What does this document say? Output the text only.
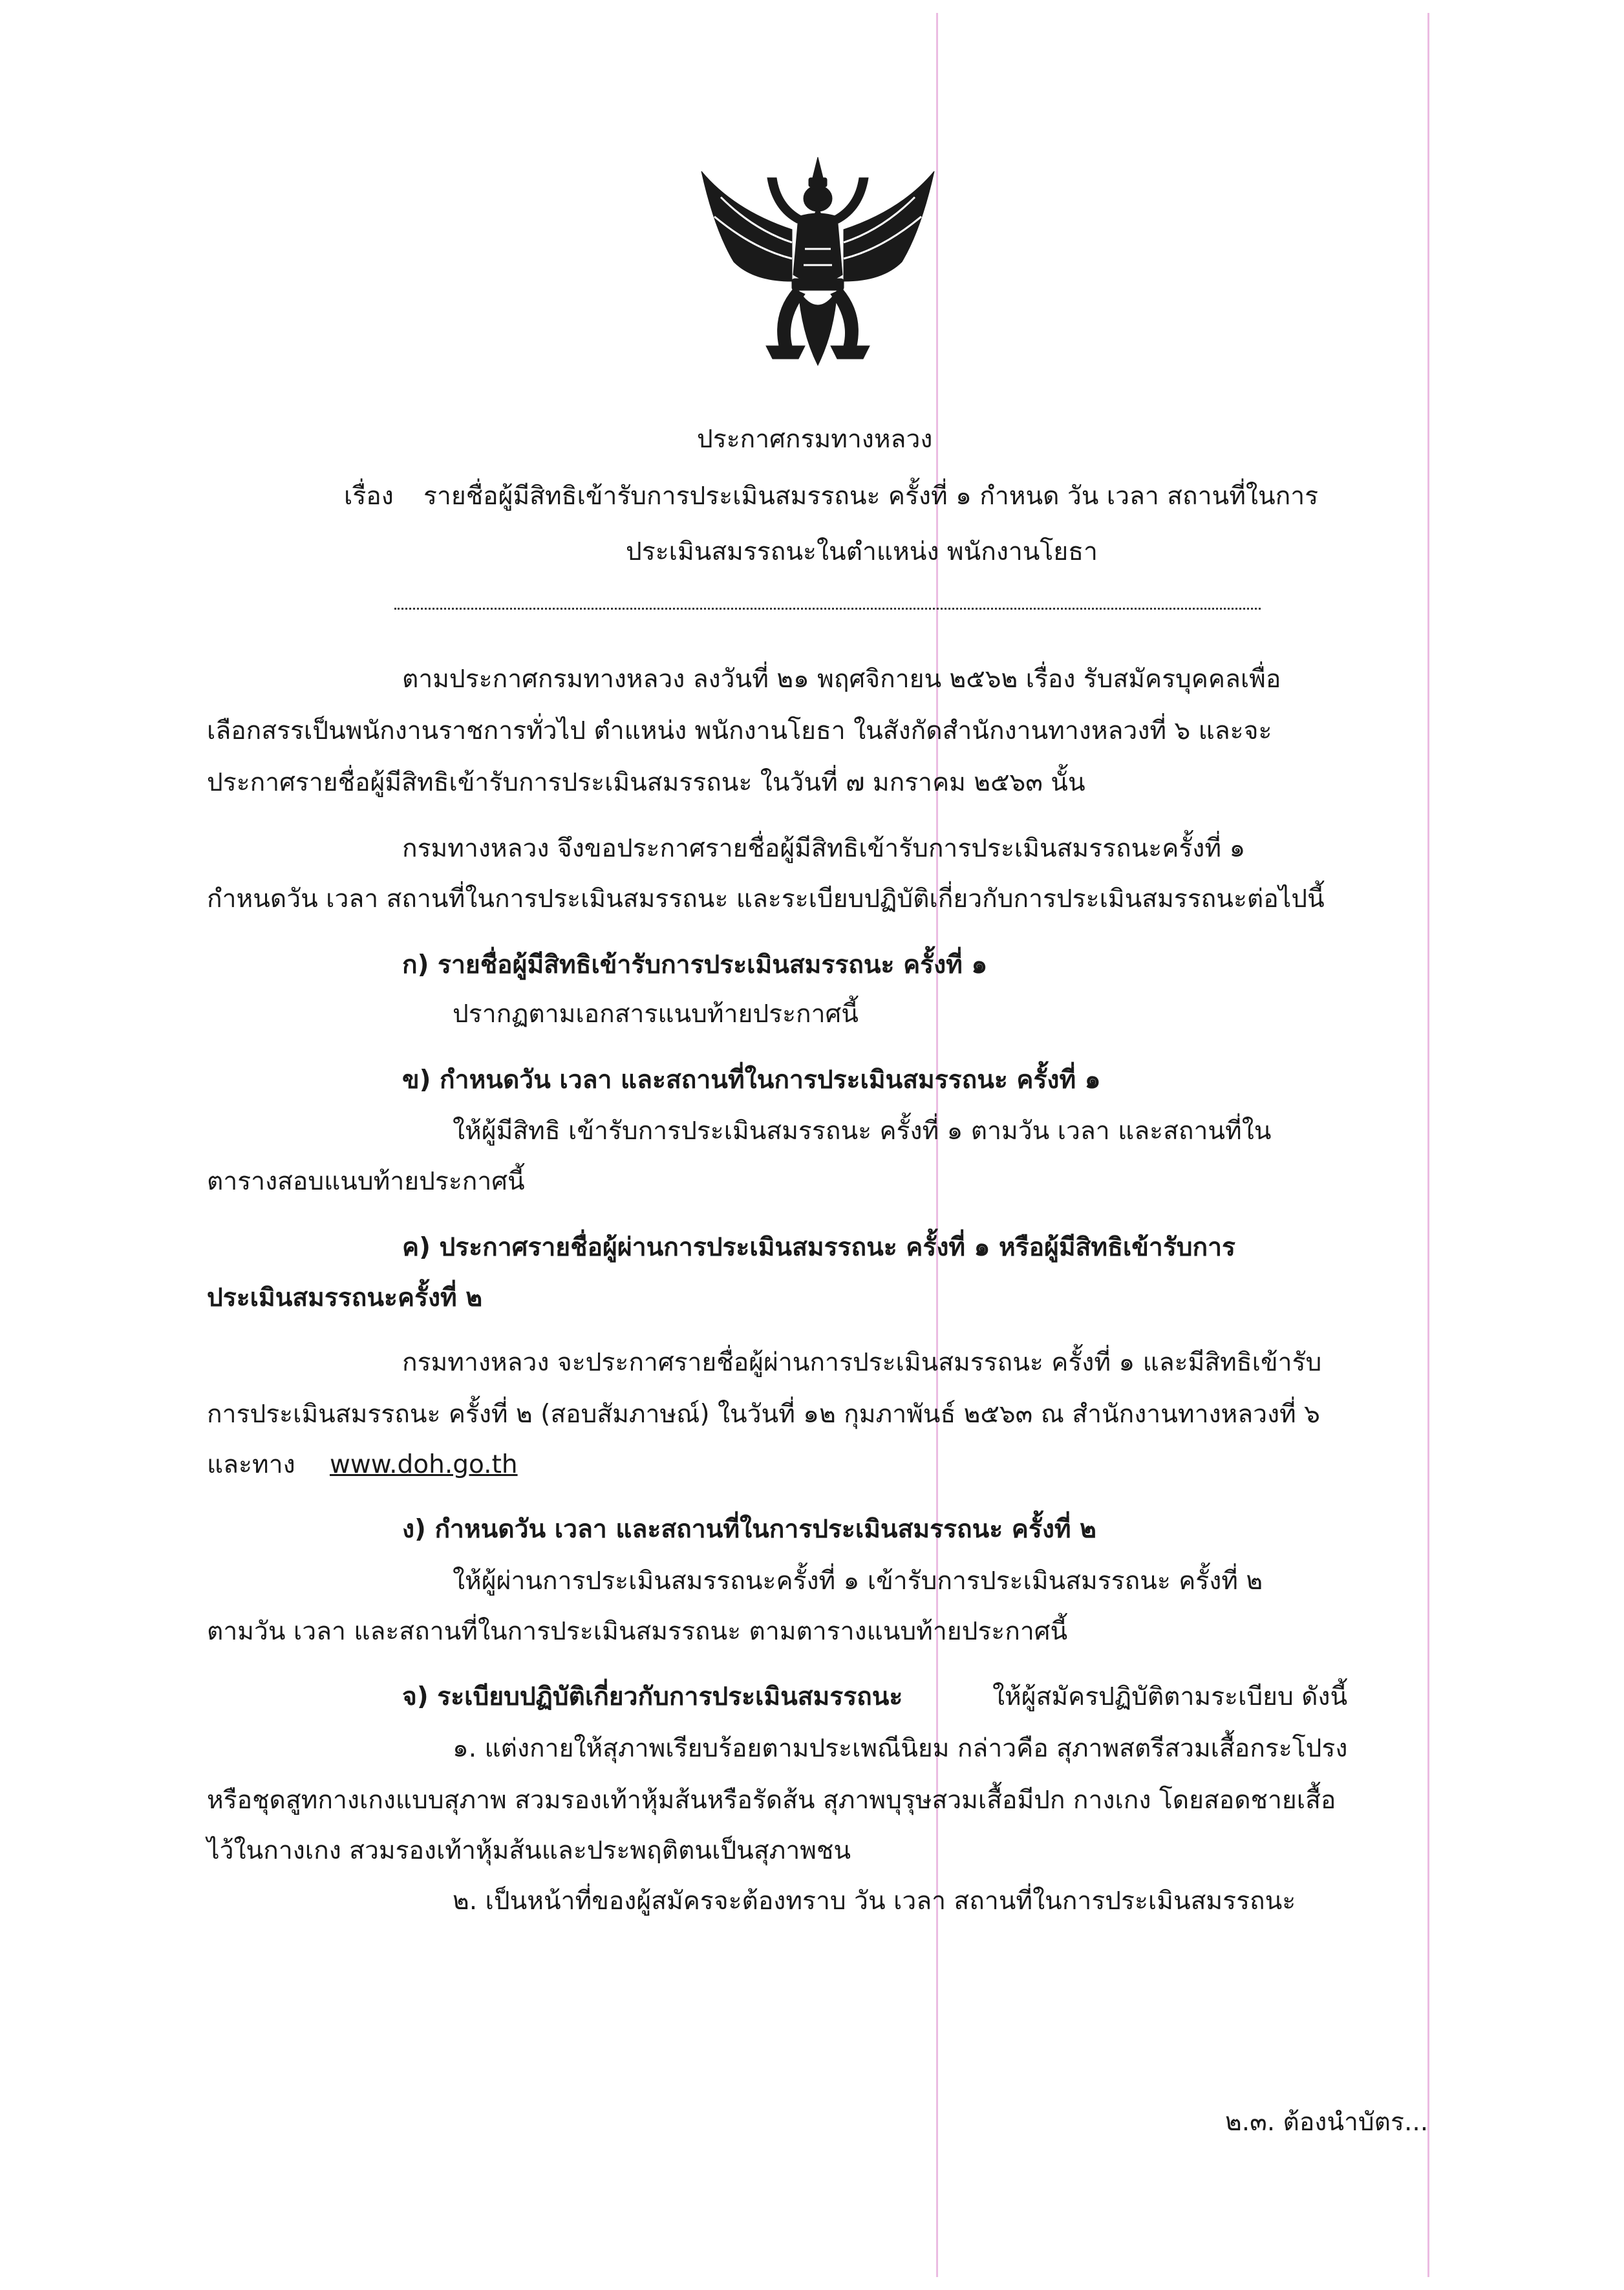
ประกาศกรมทางหลวง
เรื่อง รายชื่อผู้มีสิทธิเข้ารับการประเมินสมรรถนะ ครั้งที่ ๑ กำหนด วัน เวลา สถานที่ในการ
ประเมินสมรรถนะในตำแหน่ง พนักงานโยธา
ตามประกาศกรมทางหลวง ลงวันที่ ๒๑ พฤศจิกายน ๒๕๖๒ เรื่อง รับสมัครบุคคลเพื่อ
เลือกสรรเป็นพนักงานราชการทั่วไป ตำแหน่ง พนักงานโยธา ในสังกัดสำนักงานทางหลวงที่ ๖ และจะ
ประกาศรายชื่อผู้มีสิทธิเข้ารับการประเมินสมรรถนะ ในวันที่ ๗ มกราคม ๒๕๖๓ นั้น
กรมทางหลวง จึงขอประกาศรายชื่อผู้มีสิทธิเข้ารับการประเมินสมรรถนะครั้งที่ ๑
กำหนดวัน เวลา สถานที่ในการประเมินสมรรถนะ และระเบียบปฏิบัติเกี่ยวกับการประเมินสมรรถนะต่อไปนี้
ก) รายชื่อผู้มีสิทธิเข้ารับการประเมินสมรรถนะ ครั้งที่ ๑
ปรากฏตามเอกสารแนบท้ายประกาศนี้
ข) กำหนดวัน เวลา และสถานที่ในการประเมินสมรรถนะ ครั้งที่ ๑
ให้ผู้มีสิทธิ เข้ารับการประเมินสมรรถนะ ครั้งที่ ๑ ตามวัน เวลา และสถานที่ใน
ตารางสอบแนบท้ายประกาศนี้
ค) ประกาศรายชื่อผู้ผ่านการประเมินสมรรถนะ ครั้งที่ ๑ หรือผู้มีสิทธิเข้ารับการ
ประเมินสมรรถนะครั้งที่ ๒
กรมทางหลวง จะประกาศรายชื่อผู้ผ่านการประเมินสมรรถนะ ครั้งที่ ๑ และมีสิทธิเข้ารับ
การประเมินสมรรถนะ ครั้งที่ ๒ (สอบสัมภาษณ์) ในวันที่ ๑๒ กุมภาพันธ์ ๒๕๖๓ ณ สำนักงานทางหลวงที่ ๖
และทาง www.doh.go.th
ง) กำหนดวัน เวลา และสถานที่ในการประเมินสมรรถนะ ครั้งที่ ๒
ให้ผู้ผ่านการประเมินสมรรถนะครั้งที่ ๑ เข้ารับการประเมินสมรรถนะ ครั้งที่ ๒
ตามวัน เวลา และสถานที่ในการประเมินสมรรถนะ ตามตารางแนบท้ายประกาศนี้
จ) ระเบียบปฏิบัติเกี่ยวกับการประเมินสมรรถนะ	ให้ผู้สมัครปฏิบัติตามระเบียบ ดังนี้
๑. แต่งกายให้สุภาพเรียบร้อยตามประเพณีนิยม กล่าวคือ สุภาพสตรีสวมเสื้อกระโปรง
หรือชุดสูทกางเกงแบบสุภาพ สวมรองเท้าหุ้มส้นหรือรัดส้น สุภาพบุรุษสวมเสื้อมีปก กางเกง โดยสอดชายเสื้อ
ไว้ในกางเกง สวมรองเท้าหุ้มส้นและประพฤติตนเป็นสุภาพชน
๒. เป็นหน้าที่ของผู้สมัครจะต้องทราบ วัน เวลา สถานที่ในการประเมินสมรรถนะ
๒.๓. ต้องนำบัตร...
